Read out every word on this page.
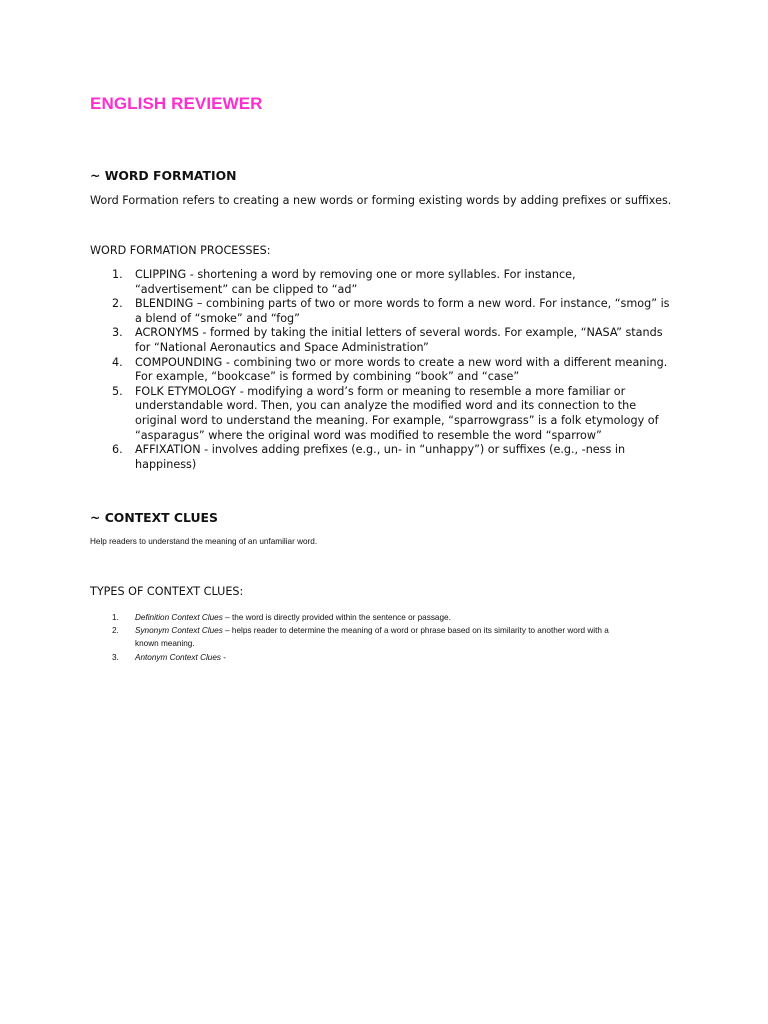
ENGLISH REVIEWER
~ WORD FORMATION

Word Formation refers to creating a new words or forming existing words by adding prefixes or suffixes.

WORD FORMATION PROCESSES:

1. CLIPPING - shortening a word by removing one or more syllables. For instance,
“advertisement” can be clipped to “ad”
2. BLENDING – combining parts of two or more words to form a new word. For instance, “smog” is
a blend of “smoke” and “fog”
3. ACRONYMS - formed by taking the initial letters of several words. For example, “NASA” stands
for “National Aeronautics and Space Administration”
4. COMPOUNDING - combining two or more words to create a new word with a different meaning.
For example, “bookcase” is formed by combining “book” and “case”
5. FOLK ETYMOLOGY - modifying a word’s form or meaning to resemble a more familiar or
understandable word. Then, you can analyze the modified word and its connection to the
original word to understand the meaning. For example, “sparrowgrass” is a folk etymology of
“asparagus” where the original word was modified to resemble the word “sparrow”
6. AFFIXATION - involves adding prefixes (e.g., un- in “unhappy”) or suffixes (e.g., -ness in
happiness)
~ CONTEXT CLUES

Help readers to understand the meaning of an unfamiliar word.

TYPES OF CONTEXT CLUES:

1. Definition Context Clues – the word is directly provided within the sentence or passage.
2. Synonym Context Clues – helps reader to determine the meaning of a word or phrase based on its similarity to another word with a
known meaning.
3. Antonym Context Clues -
